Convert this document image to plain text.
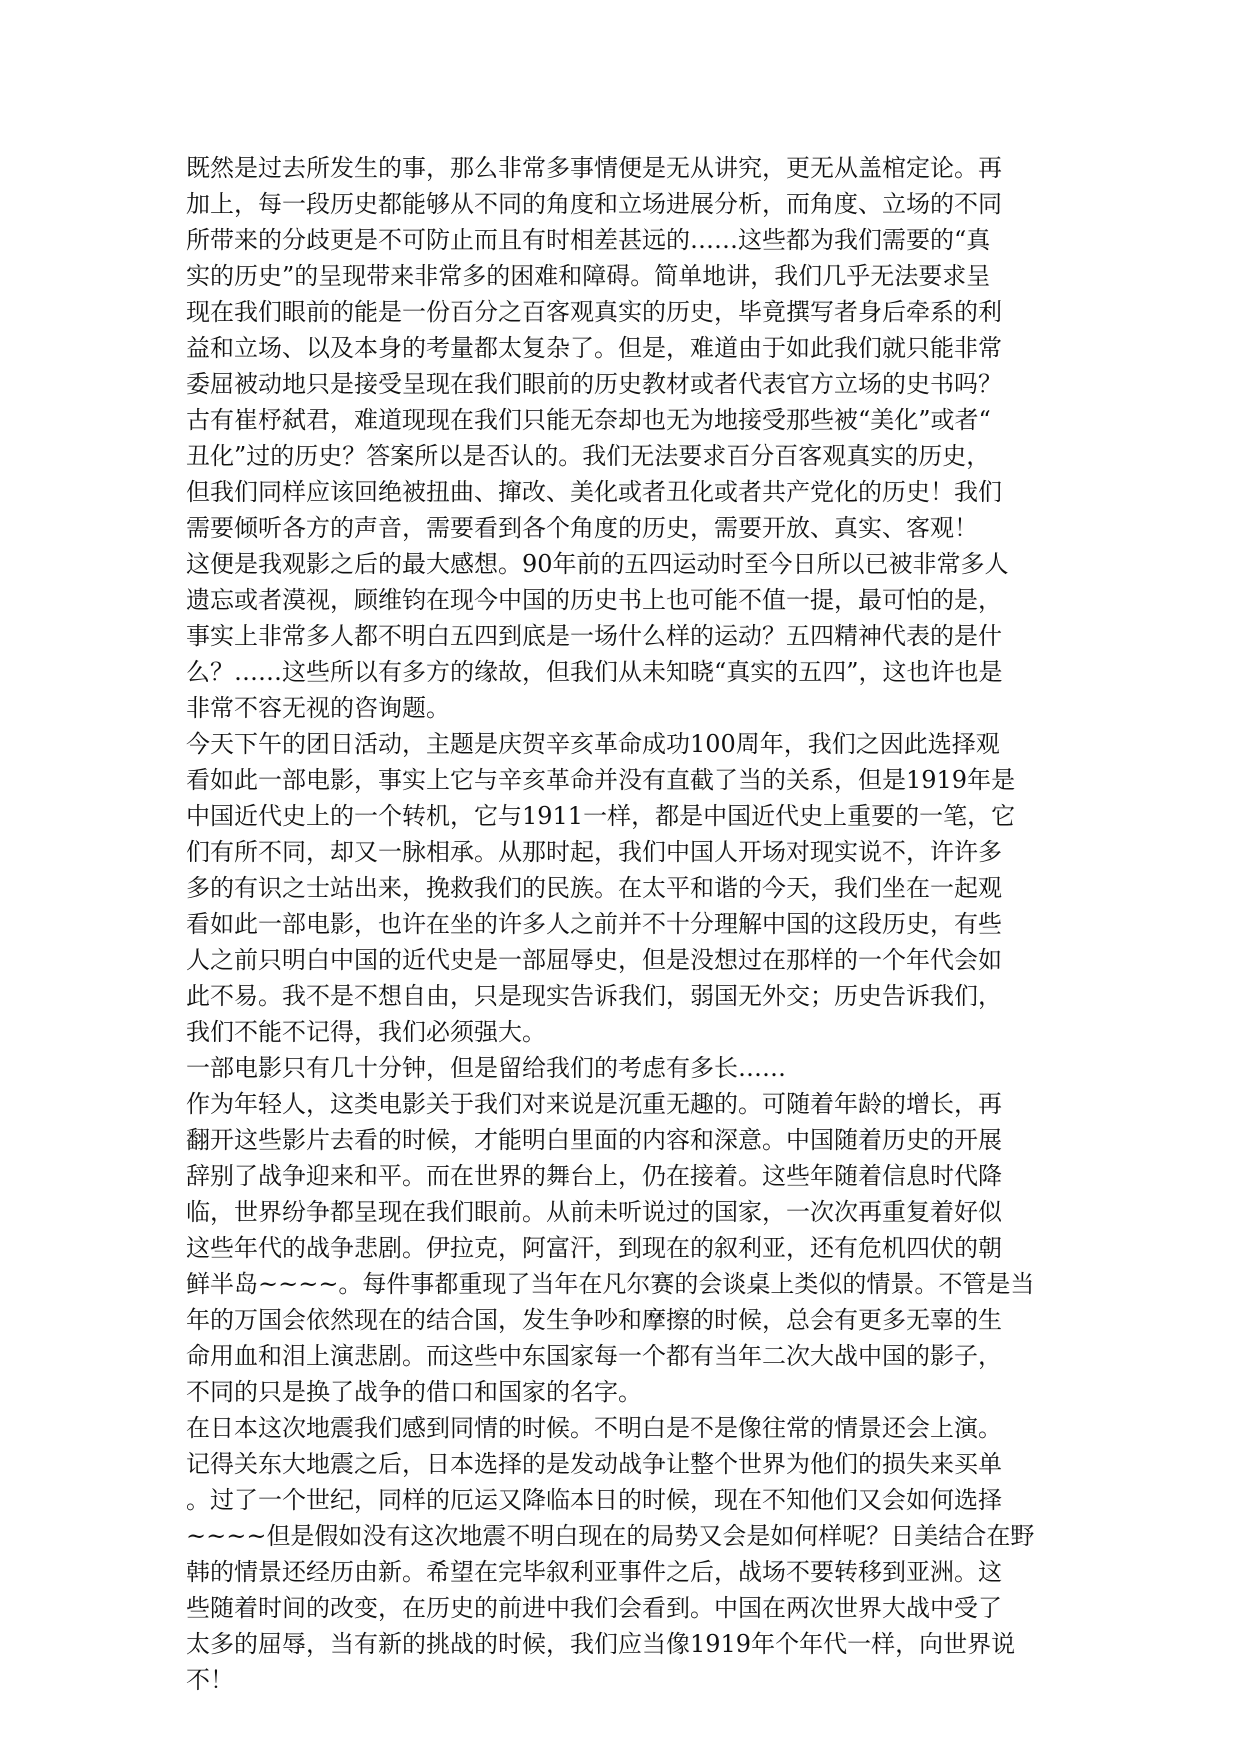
既然是过去所发生的事，那么非常多事情便是无从讲究，更无从盖棺定论。再
加上，每一段历史都能够从不同的角度和立场进展分析，而角度、立场的不同
所带来的分歧更是不可防止而且有时相差甚远的……这些都为我们需要的“真
实的历史”的呈现带来非常多的困难和障碍。简单地讲，我们几乎无法要求呈
现在我们眼前的能是一份百分之百客观真实的历史，毕竟撰写者身后牵系的利
益和立场、以及本身的考量都太复杂了。但是，难道由于如此我们就只能非常
委屈被动地只是接受呈现在我们眼前的历史教材或者代表官方立场的史书吗？
古有崔杼弑君，难道现现在我们只能无奈却也无为地接受那些被“美化”或者“
丑化”过的历史？答案所以是否认的。我们无法要求百分百客观真实的历史，
但我们同样应该回绝被扭曲、撺改、美化或者丑化或者共产党化的历史！我们
需要倾听各方的声音，需要看到各个角度的历史，需要开放、真实、客观！
这便是我观影之后的最大感想。90年前的五四运动时至今日所以已被非常多人
遗忘或者漠视，顾维钧在现今中国的历史书上也可能不值一提，最可怕的是，
事实上非常多人都不明白五四到底是一场什么样的运动？五四精神代表的是什
么？……这些所以有多方的缘故，但我们从未知晓“真实的五四”，这也许也是
非常不容无视的咨询题。
今天下午的团日活动，主题是庆贺辛亥革命成功100周年，我们之因此选择观
看如此一部电影，事实上它与辛亥革命并没有直截了当的关系，但是1919年是
中国近代史上的一个转机，它与1911一样，都是中国近代史上重要的一笔，它
们有所不同，却又一脉相承。从那时起，我们中国人开场对现实说不，许许多
多的有识之士站出来，挽救我们的民族。在太平和谐的今天，我们坐在一起观
看如此一部电影，也许在坐的许多人之前并不十分理解中国的这段历史，有些
人之前只明白中国的近代史是一部屈辱史，但是没想过在那样的一个年代会如
此不易。我不是不想自由，只是现实告诉我们，弱国无外交；历史告诉我们，
我们不能不记得，我们必须强大。
一部电影只有几十分钟，但是留给我们的考虑有多长……
作为年轻人，这类电影关于我们对来说是沉重无趣的。可随着年龄的增长，再
翻开这些影片去看的时候，才能明白里面的内容和深意。中国随着历史的开展
辞别了战争迎来和平。而在世界的舞台上，仍在接着。这些年随着信息时代降
临，世界纷争都呈现在我们眼前。从前未听说过的国家，一次次再重复着好似
这些年代的战争悲剧。伊拉克，阿富汗，到现在的叙利亚，还有危机四伏的朝
鲜半岛~~~~。每件事都重现了当年在凡尔赛的会谈桌上类似的情景。不管是当
年的万国会依然现在的结合国，发生争吵和摩擦的时候，总会有更多无辜的生
命用血和泪上演悲剧。而这些中东国家每一个都有当年二次大战中国的影子，
不同的只是换了战争的借口和国家的名字。
在日本这次地震我们感到同情的时候。不明白是不是像往常的情景还会上演。
记得关东大地震之后，日本选择的是发动战争让整个世界为他们的损失来买单
。过了一个世纪，同样的厄运又降临本日的时候，现在不知他们又会如何选择
~~~~但是假如没有这次地震不明白现在的局势又会是如何样呢？日美结合在野
韩的情景还经历由新。希望在完毕叙利亚事件之后，战场不要转移到亚洲。这
些随着时间的改变，在历史的前进中我们会看到。中国在两次世界大战中受了
太多的屈辱，当有新的挑战的时候，我们应当像1919年个年代一样，向世界说
不！
